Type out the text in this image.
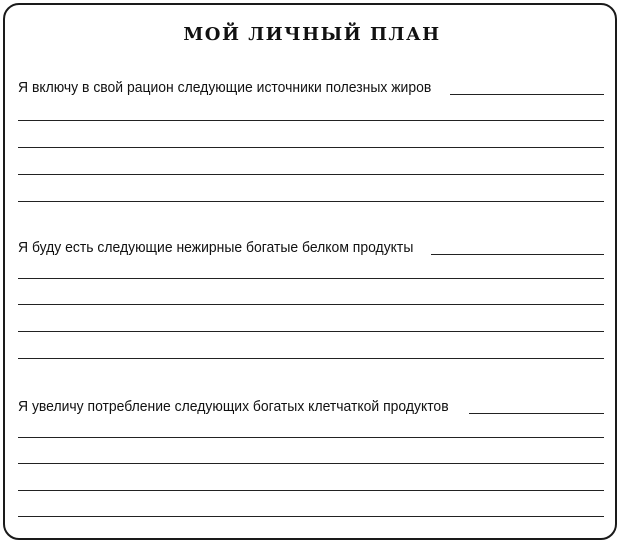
МОЙ ЛИЧНЫЙ ПЛАН
Я включу в свой рацион следующие источники полезных жиров
Я буду есть следующие нежирные богатые белком продукты
Я увеличу потребление следующих богатых клетчаткой продуктов
